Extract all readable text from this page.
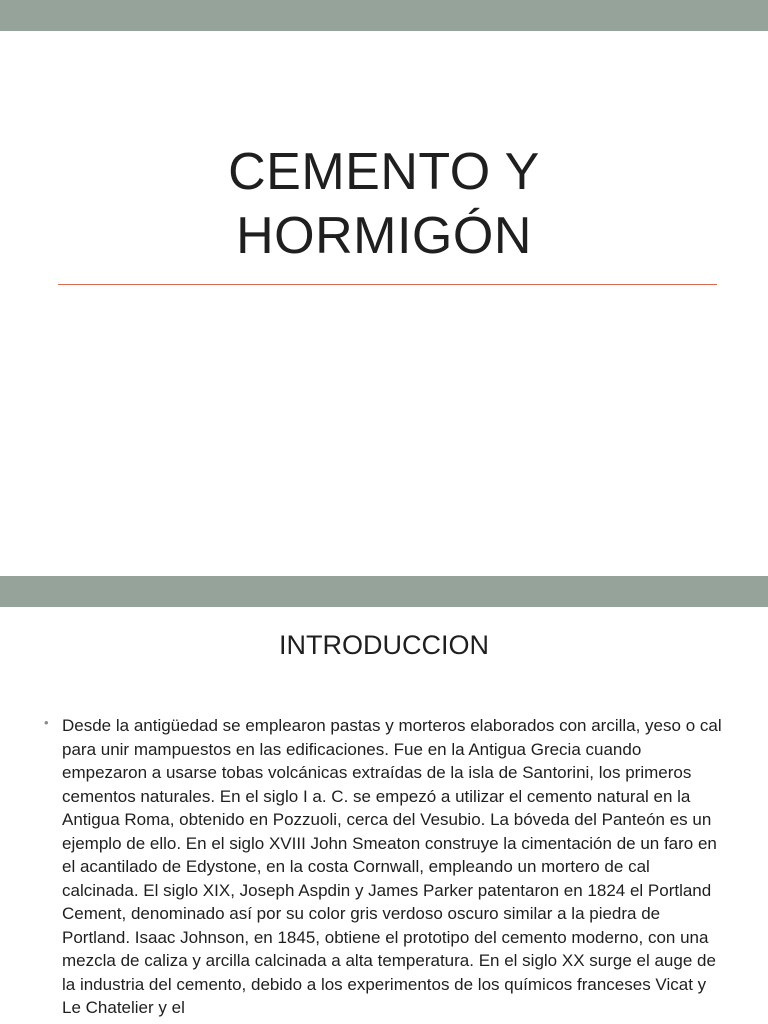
CEMENTO Y
HORMIGÓN
INTRODUCCION
• Desde la antigüedad se emplearon pastas y morteros elaborados con arcilla, yeso o cal para unir mampuestos en las edificaciones. Fue en la Antigua Grecia cuando empezaron a usarse tobas volcánicas extraídas de la isla de Santorini, los primeros cementos naturales. En el siglo I a. C. se empezó a utilizar el cemento natural en la Antigua Roma, obtenido en Pozzuoli, cerca del Vesubio. La bóveda del Panteón es un ejemplo de ello. En el siglo XVIII John Smeaton construye la cimentación de un faro en el acantilado de Edystone, en la costa Cornwall, empleando un mortero de cal calcinada. El siglo XIX, Joseph Aspdin y James Parker patentaron en 1824 el Portland Cement, denominado así por su color gris verdoso oscuro similar a la piedra de Portland. Isaac Johnson, en 1845, obtiene el prototipo del cemento moderno, con una mezcla de caliza y arcilla calcinada a alta temperatura. En el siglo XX surge el auge de la industria del cemento, debido a los experimentos de los químicos franceses Vicat y Le Chatelier y el
